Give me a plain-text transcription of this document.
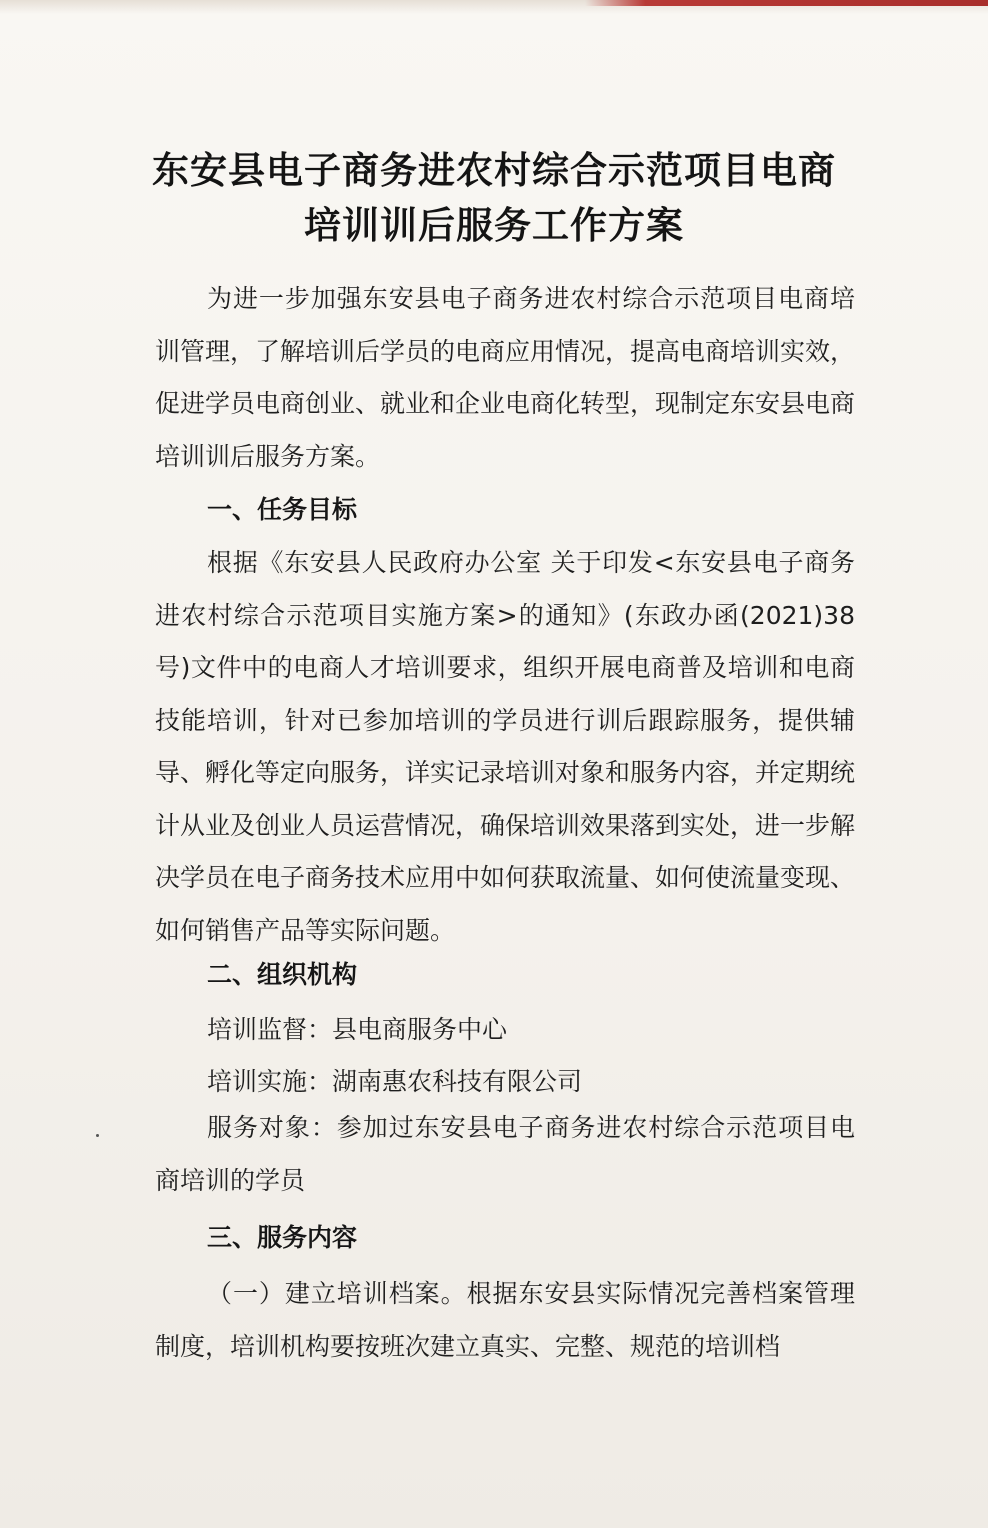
东安县电子商务进农村综合示范项目电商
培训训后服务工作方案

为进一步加强东安县电子商务进农村综合示范项目电商培训管理，了解培训后学员的电商应用情况，提高电商培训实效，促进学员电商创业、就业和企业电商化转型，现制定东安县电商培训训后服务方案。

一、任务目标

根据《东安县人民政府办公室 关于印发<东安县电子商务进农村综合示范项目实施方案>的通知》(东政办函(2021)38号)文件中的电商人才培训要求，组织开展电商普及培训和电商技能培训，针对已参加培训的学员进行训后跟踪服务，提供辅导、孵化等定向服务，详实记录培训对象和服务内容，并定期统计从业及创业人员运营情况，确保培训效果落到实处，进一步解决学员在电子商务技术应用中如何获取流量、如何使流量变现、如何销售产品等实际问题。

二、组织机构
培训监督：县电商服务中心
培训实施：湖南惠农科技有限公司

服务对象：参加过东安县电子商务进农村综合示范项目电商培训的学员

三、服务内容

（一）建立培训档案。根据东安县实际情况完善档案管理制度，培训机构要按班次建立真实、完整、规范的培训档
